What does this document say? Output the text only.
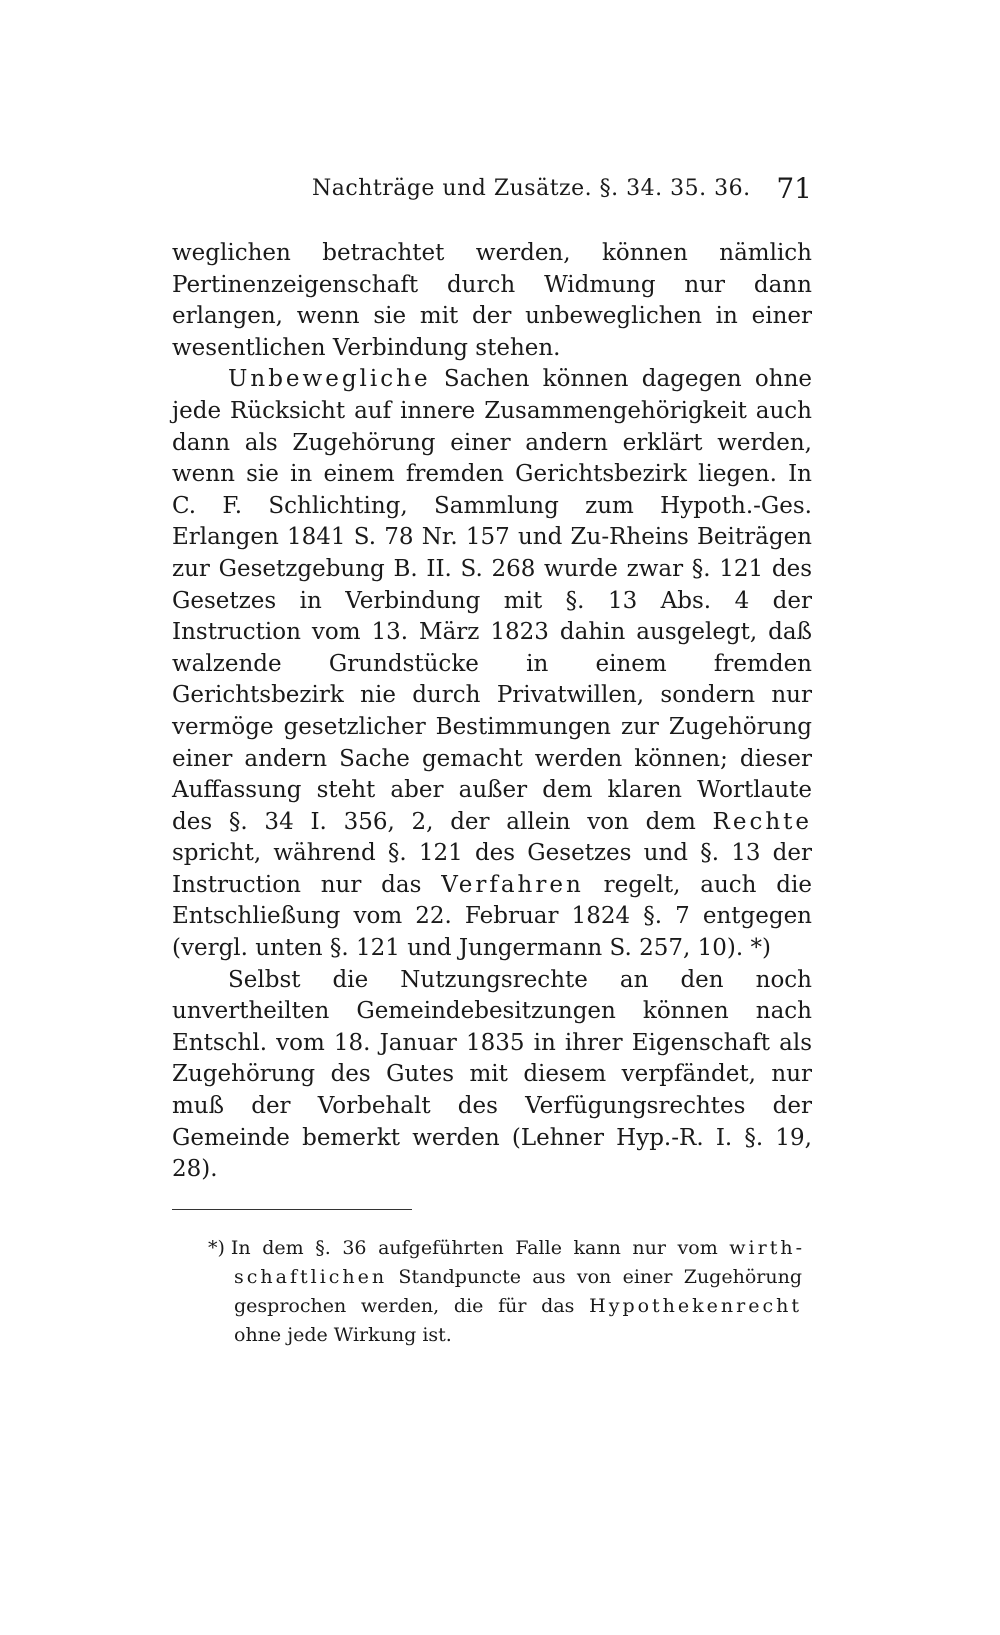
Nachträge und Zusätze. §. 34. 35. 36. 71

weglichen betrachtet werden, können nämlich Pertinenzeigenschaft durch Widmung nur dann erlangen, wenn sie mit der unbeweglichen in einer wesentlichen Verbindung stehen.

Unbewegliche Sachen können dagegen ohne jede Rücksicht auf innere Zusammengehörigkeit auch dann als Zugehörung einer andern erklärt werden, wenn sie in einem fremden Gerichtsbezirk liegen. In C. F. Schlichting, Sammlung zum Hypoth.-Ges. Erlangen 1841 S. 78 Nr. 157 und Zu-Rheins Beiträgen zur Gesetzgebung B. II. S. 268 wurde zwar §. 121 des Gesetzes in Verbindung mit §. 13 Abs. 4 der Instruction vom 13. März 1823 dahin ausgelegt, daß walzende Grundstücke in einem fremden Gerichtsbezirk nie durch Privatwillen, sondern nur vermöge gesetzlicher Bestimmungen zur Zugehörung einer andern Sache gemacht werden können; dieser Auffassung steht aber außer dem klaren Wortlaute des §. 34 I. 356, 2, der allein von dem Rechte spricht, während §. 121 des Gesetzes und §. 13 der Instruction nur das Verfahren regelt, auch die Entschließung vom 22. Februar 1824 §. 7 entgegen (vergl. unten §. 121 und Jungermann S. 257, 10). *)

Selbst die Nutzungsrechte an den noch unvertheilten Gemeindebesitzungen können nach Entschl. vom 18. Januar 1835 in ihrer Eigenschaft als Zugehörung des Gutes mit diesem verpfändet, nur muß der Vorbehalt des Verfügungsrechtes der Gemeinde bemerkt werden (Lehner Hyp.-R. I. §. 19, 28).

*) In dem §. 36 aufgeführten Falle kann nur vom wirthschaftlichen Standpuncte aus von einer Zugehörung gesprochen werden, die für das Hypothekenrecht ohne jede Wirkung ist.
